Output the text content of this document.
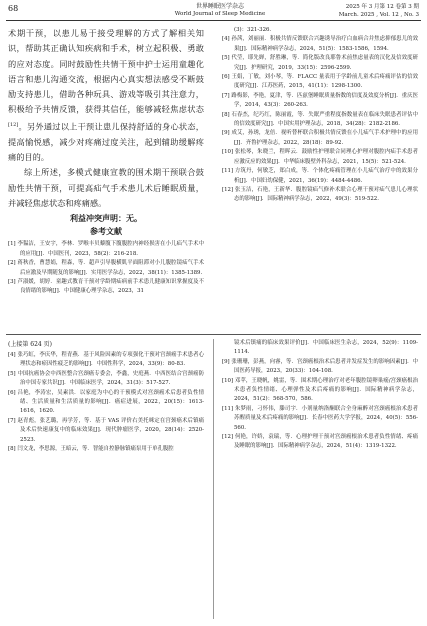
68	世界睡眠医学杂志
World Journal of Sleep Medicine
2025 年 3 月第 12 卷第 3 期
March. 2025 , Vol. 12 , No. 3

术期干预，以患儿易于接受理解的方式了解相关知识，帮助其正确认知疾病和手术，树立起积极、勇敢的应对态度。同时鼓励性共情干预中护士运用童趣化语言和患儿沟通交流，根据内心真实想法感受不断鼓励支持患儿，借助各种玩具、游戏等吸引其注意力，积极给予共情反馈，获得其信任，能够减轻焦虑状态[12]。另外通过以上干预让患儿保持舒适的身心状态，提高愉悦感，减少对疼痛过度关注，起到辅助缓解疼痛的目的。

综上所述，多模式健康宣教的围术期干预联合鼓励性共情干预，可提高疝气手术患儿术后睡眠质量，并减轻焦虑状态和疼痛感。

利益冲突声明：无。
参考文献

[1] 李韫洁，王安宇，李林．罗喉丰贝藜腹下腹腹腔内神经损害在小儿疝气手术中的应用[J]．中国医刊，2023，58(2)：216-218.

[2] 蒋秋香，曹慧娟，程森，等．超声引导腹横肌平面阻滞对小儿腹腔镜疝气手术后应激及早期随复的影响[J]．实用医学杂志，2022，38(11)：1385-1389.

[3] 芦淑媛，胡婷．童趣式教育干预对学龄期疝病前手术患儿健康知识掌握度及不良情绪的影响[J]．中国健康心理学杂志，2023，31

(3)：321-326.

[4] 孙茜，刘丽丽．积极共情反馈联合兴趣诱导治疗白血病合并焦虑抑郁患儿的效果[J]．国际精神病学杂志，2024，51(5)：1583-1586，1594.

[5] 代莹，耶先婵，舒胜琳，等．简化版改良耶鲁术前焦虑量表的汉化及信效度研究[J]．护理研究，2019，33(15)：2596-2599.

[6] 王娟，丁敏，刘小琴，等．FLACC 量表用于学龄前儿童术后疼痛评估的信效度研究[J]．江苏医药，2015，41(11)：1298-1300.

[7] 路梅影，李艳，夏津，等．匹兹堡睡眠质量指数的信度及效度分析[J]．重庆医学，2014，43(3)：260-263.

[8] 石春杰，纪巧红，陈丽霞，等．失眠严重程度指数量表在临床失眠患者评估中的信效度研究[J]．中国实用护理杂志，2018，34(28)：2182-2186.

[9] 成艾，孙琇，龙倍．视听替杯联合积极共情反馈在小儿疝气手术护理中的应用[J]．齐鲁护理杂志，2022，28(18)：89-92.

[10] 张松琴，朱晓兰，程晖云．鼓励性护理联合同理心护理对腹腔内疝手术患者应激反应的效果[J]．中华临床腹壁外科杂志，2021，15(5)：521-524.

[11] 方筑丹，何敏芝，郑白成，等．个体化疼痛管理在小儿疝气治疗中的效果分析[J]．中国妇幼保健，2021，36(19)：4484-4486.

[12] 张玉洁，石艳，王新华．腹腔镜疝气修补术联合心理干预对疝气患儿心理状态的影响[J]．国际精神病学杂志，2022，49(3)：519-522.

(上接第 624 页)

[4] 张巧虹，李庆华，程青燕．基于风险因素的专项强化干预对宫颈癌手术患者心理状态和瘀因性疲乏的影响[J]．中国性科学，2024，33(9)：80-83.

[5] 中国抗癌协会中西医整合宫颈癌专委会，李鑫，史庭燕．中西医结合宫颈癌防治中国专家共识[J]．中国临床医学，2024，31(3)：517-527.

[6] 吕艳，李涛宏，吴素洪．以家庭为中心的干预模式对宫颈癌术后患者负性情绪、生活质量和生活质量的影响[J]．癌症进展，2022，20(15)：1613-1616，1620.

[7] 赵青彪，张艺璐，再学芳，等．基于 VAS 评价右美托咪定在宫颈癌术后镇痛及术后快速康复中的临床效果[J]．现代肿瘤医学，2020，28(14)：2520-2523.

[8] 闫文龙，李思源，王暗云，等．智能自控静脉镇痛泵用于单孔腹腔

镜术后镇痛的临床效果评价[J]．中国临床医生杂志，2024，52(9)：1109-1114.

[9] 张珊珊，彭燕，向睿，等．宫颈癌根治术后患者并发症发生的影响因素[J]．中国医药导报，2023，20(33)：104-108.

[10] 邓苹，王晓帆，姚雷，等．围术期心理治疗对老年腹腔镜卵巢癌/宫颈癌根治术患者负性情绪、心理弹性及术后疼痛的影响[J]．国际精神病学杂志，2024，51(2)：568-570，586.

[11] 朱梦雨，刁怀伟，滕司宇．小剂量纳洛酮联合全身麻醉对宫颈癌根治术患者苏醒质量及术后疼痛的影响[J]．长春中医药大学学报，2024，40(5)：556-560.

[12] 何艳，许娇，袁瑞，等．心理护理干预对宫颈癌根治术患者负性情绪、疼痛及睡眠的影响[J]．国际精神病学杂志，2024，51(4)：1319-1322.
